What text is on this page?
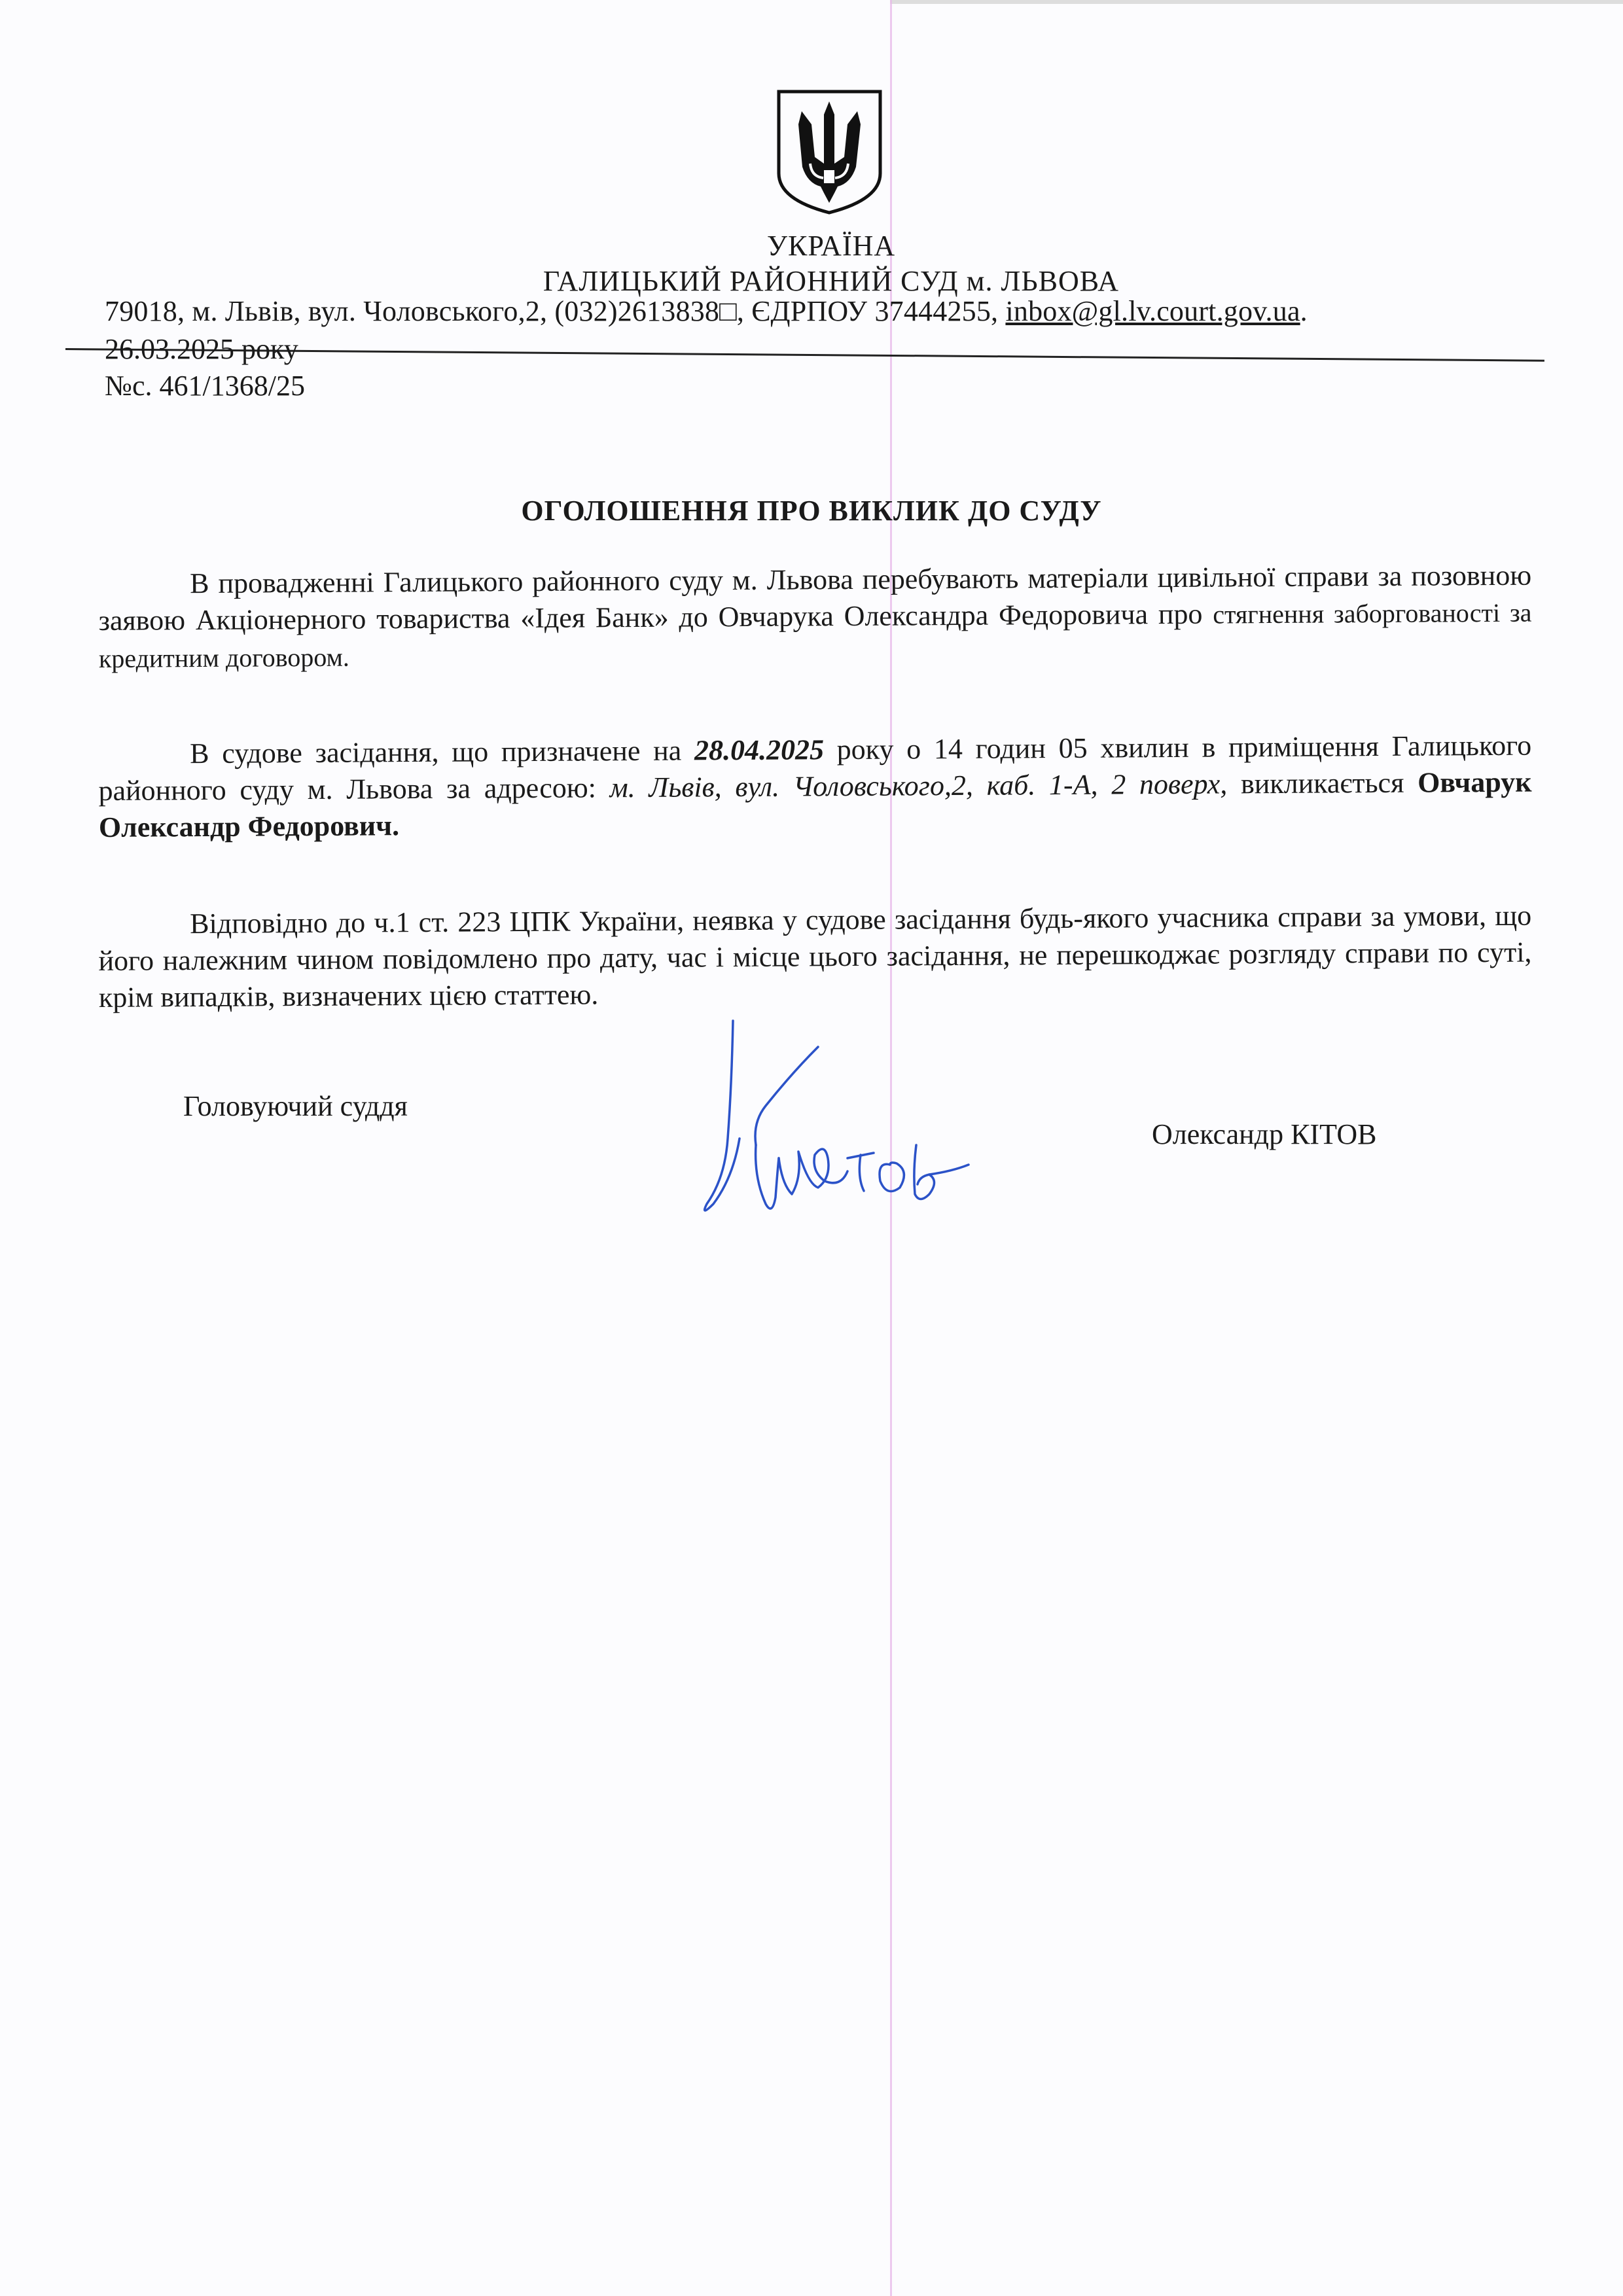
УКРАЇНА
ГАЛИЦЬКИЙ РАЙОННИЙ СУД м. ЛЬВОВА
79018, м. Львів, вул. Чоловського,2, (032)2613838□, ЄДРПОУ 37444255, inbox@gl.lv.court.gov.ua.
26.03.2025 року
№с. 461/1368/25
ОГОЛОШЕННЯ ПРО ВИКЛИК ДО СУДУ
В провадженні Галицького районного суду м. Львова перебувають матеріали цивільної справи за позовною заявою Акціонерного товариства «Ідея Банк» до Овчарука Олександра Федоровича про стягнення заборгованості за кредитним договором.
В судове засідання, що призначене на 28.04.2025 року о 14 годин 05 хвилин в приміщення Галицького районного суду м. Львова за адресою: м. Львів, вул. Чоловського,2, каб. 1-А, 2 поверх, викликається Овчарук Олександр Федорович.
Відповідно до ч.1 ст. 223 ЦПК України, неявка у судове засідання будь-якого учасника справи за умови, що його належним чином повідомлено про дату, час і місце цього засідання, не перешкоджає розгляду справи по суті, крім випадків, визначених цією статтею.
Головуючий суддя
Олександр КІТОВ
